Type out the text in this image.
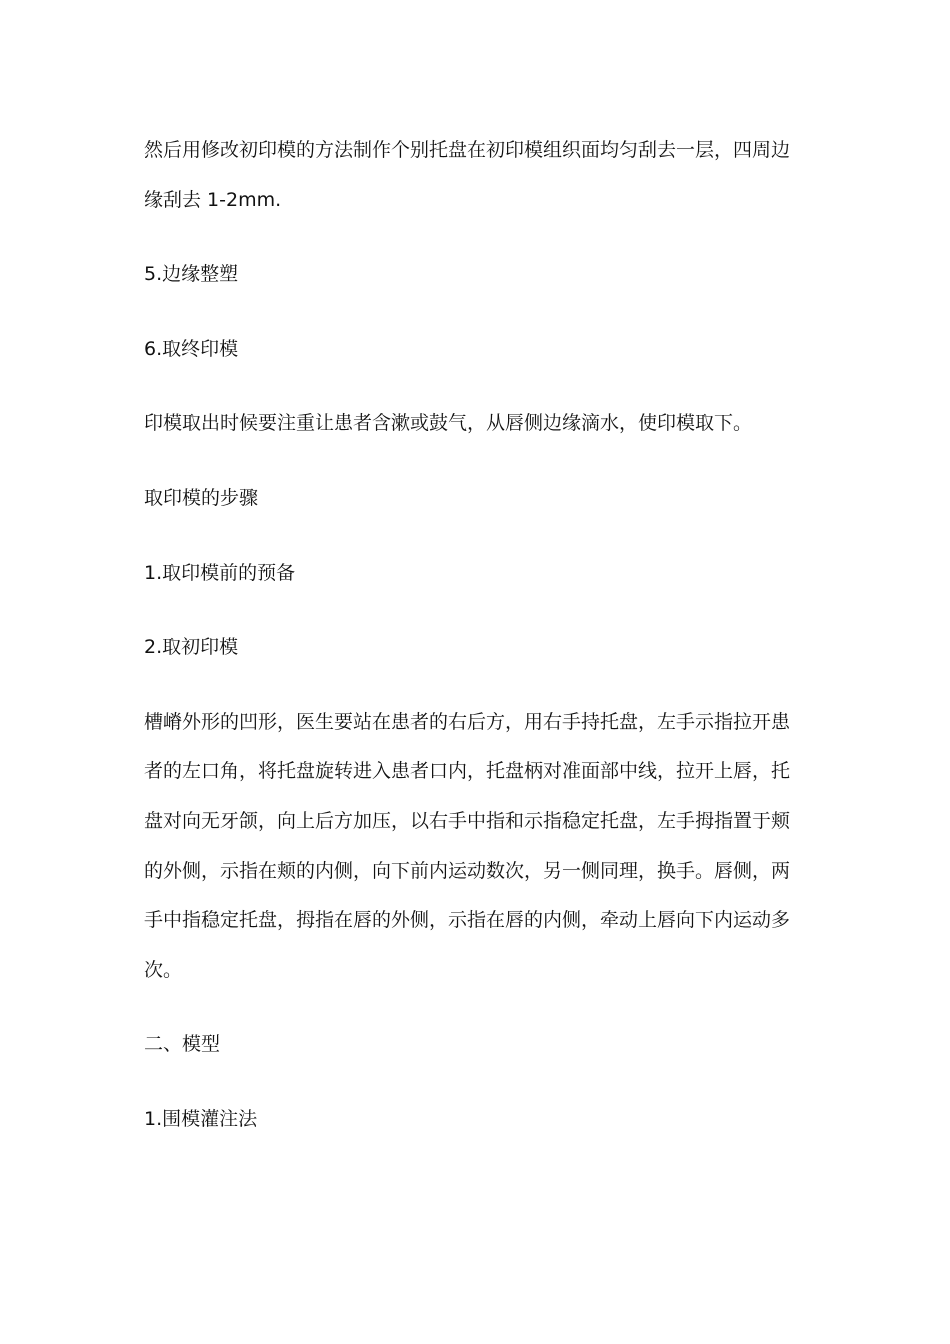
然后用修改初印模的方法制作个别托盘在初印模组织面均匀刮去一层，四周边缘刮去 1-2mm.

5.边缘整塑

6.取终印模

印模取出时候要注重让患者含漱或鼓气，从唇侧边缘滴水，使印模取下。

取印模的步骤

1.取印模前的预备

2.取初印模

槽嵴外形的凹形，医生要站在患者的右后方，用右手持托盘，左手示指拉开患者的左口角，将托盘旋转进入患者口内，托盘柄对准面部中线，拉开上唇，托盘对向无牙颌，向上后方加压，以右手中指和示指稳定托盘，左手拇指置于颊的外侧，示指在颊的内侧，向下前内运动数次，另一侧同理，换手。唇侧，两手中指稳定托盘，拇指在唇的外侧，示指在唇的内侧，牵动上唇向下内运动多次。

二、模型

1.围模灌注法
